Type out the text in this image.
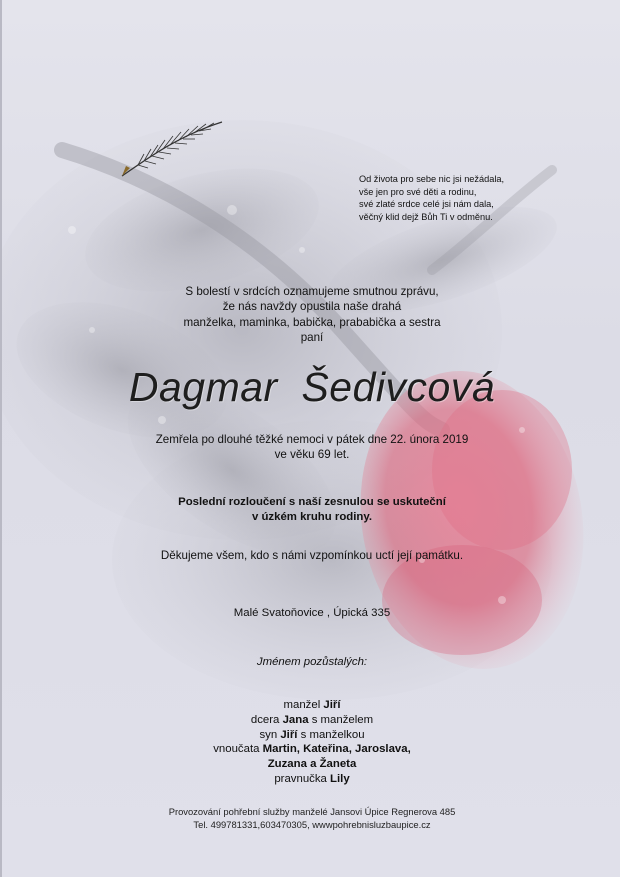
Od života pro sebe nic jsi nežádala,
vše jen pro své děti a rodinu,
své zlaté srdce celé jsi nám dala,
věčný klid dejž Bůh Ti v odměnu.
S bolestí v srdcích oznamujeme smutnou zprávu,
že nás navždy opustila naše drahá
manželka, maminka, babička, prababička a sestra
paní
Dagmar  Šedivcová
Zemřela po dlouhé těžké nemoci v pátek dne 22. února 2019
ve věku 69 let.
Poslední rozloučení s naší zesnulou se uskuteční
v úzkém kruhu rodiny.
Děkujeme všem, kdo s námi vzpomínkou uctí její památku.
Malé Svatoňovice , Úpická 335
Jménem pozůstalých:
manžel Jiří
dcera Jana s manželem
syn Jiří s manželkou
vnoučata Martin, Kateřina, Jaroslava,
Zuzana a Žaneta
pravnučka Lily
Provozování pohřební služby manželé Jansovi Úpice Regnerova 485
Tel. 499781331,603470305, wwwpohrebnisluzbaupice.cz
